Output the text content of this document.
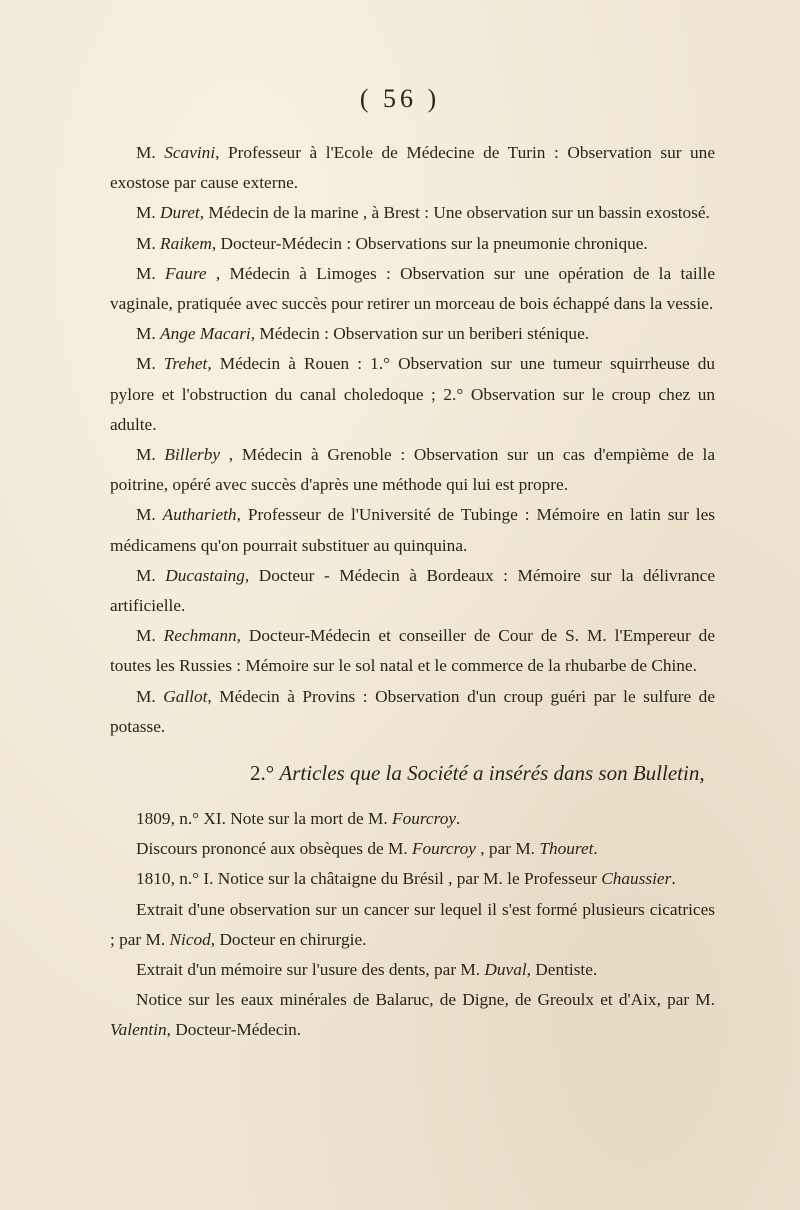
( 56 )

M. Scavini, Professeur à l'Ecole de Médecine de Turin : Observation sur une exostose par cause externe.

M. Duret, Médecin de la marine , à Brest : Une observation sur un bassin exostosé.

M. Raikem, Docteur-Médecin : Observations sur la pneumonie chronique.

M. Faure , Médecin à Limoges : Observation sur une opération de la taille vaginale, pratiquée avec succès pour retirer un morceau de bois échappé dans la vessie.

M. Ange Macari, Médecin : Observation sur un beriberi sténique.

M. Trehet, Médecin à Rouen : 1.° Observation sur une tumeur squirrheuse du pylore et l'obstruction du canal choledoque ; 2.° Observation sur le croup chez un adulte.

M. Billerby , Médecin à Grenoble : Observation sur un cas d'empième de la poitrine, opéré avec succès d'après une méthode qui lui est propre.

M. Autharieth, Professeur de l'Université de Tubinge : Mémoire en latin sur les médicamens qu'on pourrait substituer au quinquina.

M. Ducastaing, Docteur - Médecin à Bordeaux : Mémoire sur la délivrance artificielle.

M. Rechmann, Docteur-Médecin et conseiller de Cour de S. M. l'Empereur de toutes les Russies : Mémoire sur le sol natal et le commerce de la rhubarbe de Chine.

M. Gallot, Médecin à Provins : Observation d'un croup guéri par le sulfure de potasse.

2.° Articles que la Société a insérés dans son Bulletin,

1809, n.° XI. Note sur la mort de M. Fourcroy.

Discours prononcé aux obsèques de M. Fourcroy , par M. Thouret.

1810, n.° I. Notice sur la châtaigne du Brésil , par M. le Professeur Chaussier.

Extrait d'une observation sur un cancer sur lequel il s'est formé plusieurs cicatrices ; par M. Nicod, Docteur en chirurgie.

Extrait d'un mémoire sur l'usure des dents, par M. Duval, Dentiste.

Notice sur les eaux minérales de Balaruc, de Digne, de Greoulx et d'Aix, par M. Valentin, Docteur-Médecin.
